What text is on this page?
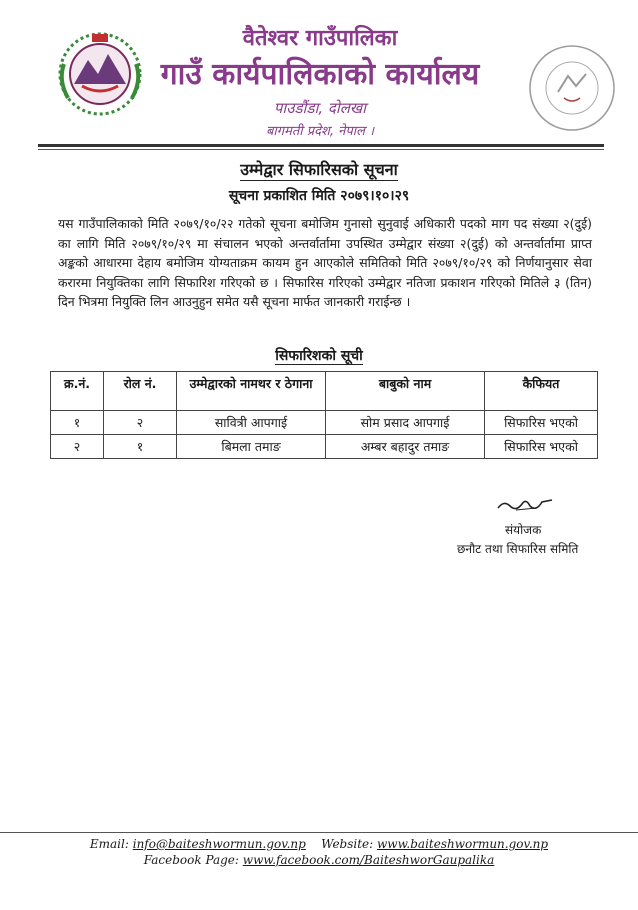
वैतेश्वर गाउँपालिका
गाउँ कार्यपालिकाको कार्यालय
पाउडौंडा, दोलखा
बागमती प्रदेश, नेपाल ।
उम्मेद्वार सिफारिसको सूचना
सूचना प्रकाशित मिति २०७९।१०।२९
यस गाउँपालिकाको मिति २०७९/१०/२२ गतेको सूचना बमोजिम गुनासो सुनुवाई अधिकारी पदको माग पद संख्या २(दुई) का लागि मिति २०७९/१०/२९ मा संचालन भएको अन्तर्वार्तामा उपस्थित उम्मेद्वार संख्या २(दुई) को अन्तर्वार्तामा प्राप्त अङ्कको आधारमा देहाय बमोजिम योग्यताक्रम कायम हुन आएकोले समितिको मिति २०७९/१०/२९ को निर्णयानुसार सेवा करारमा नियुक्तिका लागि सिफारिश गरिएको छ । सिफारिस गरिएको उम्मेद्वार नतिजा प्रकाशन गरिएको मितिले ३ (तिन) दिन भित्रमा नियुक्ति लिन आउनुहुन समेत यसै सूचना मार्फत जानकारी गराईन्छ ।
सिफारिशको सूची
क्र.नं.	रोल नं.	उम्मेद्वारको नामथर र ठेगाना	बाबुको नाम	कैफियत
१	२	सावित्री आपगाई	सोम प्रसाद आपगाई	सिफारिस भएको
२	१	बिमला तमाङ	अम्बर बहादुर तमाङ	सिफारिस भएको
संयोजक
छनौट तथा सिफारिस समिति
Email: info@baiteshwormun.gov.np Website: www.baiteshwormun.gov.np
Facebook Page: www.facebook.com/BaiteshworGaupalika
